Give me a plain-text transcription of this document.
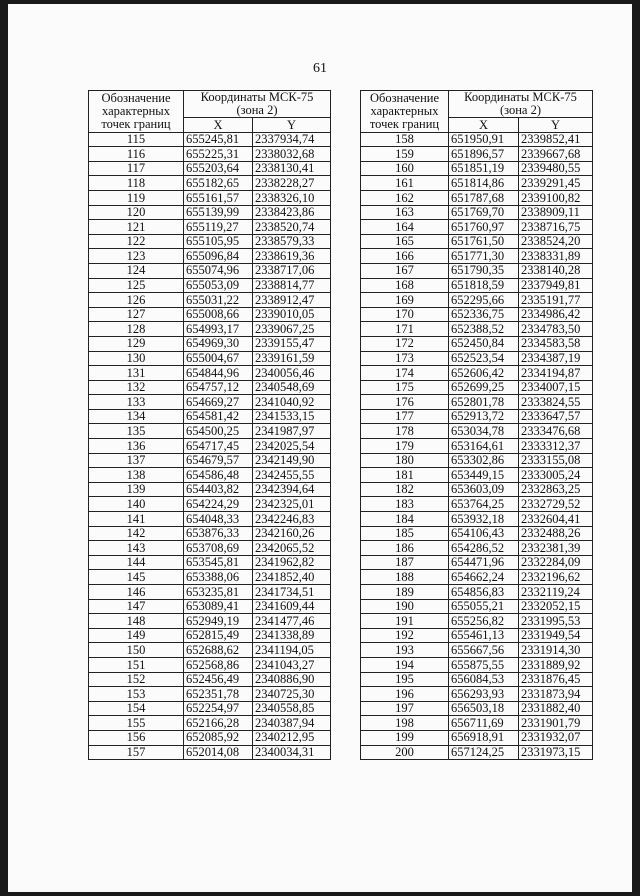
61
Обозначение характерных точек границ	Координаты МСК-75 (зона 2)	
	X	Y
115	655245,81	2337934,74
116	655225,31	2338032,68
117	655203,64	2338130,41
118	655182,65	2338228,27
119	655161,57	2338326,10
120	655139,99	2338423,86
121	655119,27	2338520,74
122	655105,95	2338579,33
123	655096,84	2338619,36
124	655074,96	2338717,06
125	655053,09	2338814,77
126	655031,22	2338912,47
127	655008,66	2339010,05
128	654993,17	2339067,25
129	654969,30	2339155,47
130	655004,67	2339161,59
131	654844,96	2340056,46
132	654757,12	2340548,69
133	654669,27	2341040,92
134	654581,42	2341533,15
135	654500,25	2341987,97
136	654717,45	2342025,54
137	654679,57	2342149,90
138	654586,48	2342455,55
139	654403,82	2342394,64
140	654224,29	2342325,01
141	654048,33	2342246,83
142	653876,33	2342160,26
143	653708,69	2342065,52
144	653545,81	2341962,82
145	653388,06	2341852,40
146	653235,81	2341734,51
147	653089,41	2341609,44
148	652949,19	2341477,46
149	652815,49	2341338,89
150	652688,62	2341194,05
151	652568,86	2341043,27
152	652456,49	2340886,90
153	652351,78	2340725,30
154	652254,97	2340558,85
155	652166,28	2340387,94
156	652085,92	2340212,95
157	652014,08	2340034,31
Обозначение характерных точек границ	Координаты МСК-75 (зона 2)	
	X	Y
158	651950,91	2339852,41
159	651896,57	2339667,68
160	651851,19	2339480,55
161	651814,86	2339291,45
162	651787,68	2339100,82
163	651769,70	2338909,11
164	651760,97	2338716,75
165	651761,50	2338524,20
166	651771,30	2338331,89
167	651790,35	2338140,28
168	651818,59	2337949,81
169	652295,66	2335191,77
170	652336,75	2334986,42
171	652388,52	2334783,50
172	652450,84	2334583,58
173	652523,54	2334387,19
174	652606,42	2334194,87
175	652699,25	2334007,15
176	652801,78	2333824,55
177	652913,72	2333647,57
178	653034,78	2333476,68
179	653164,61	2333312,37
180	653302,86	2333155,08
181	653449,15	2333005,24
182	653603,09	2332863,25
183	653764,25	2332729,52
184	653932,18	2332604,41
185	654106,43	2332488,26
186	654286,52	2332381,39
187	654471,96	2332284,09
188	654662,24	2332196,62
189	654856,83	2332119,24
190	655055,21	2332052,15
191	655256,82	2331995,53
192	655461,13	2331949,54
193	655667,56	2331914,30
194	655875,55	2331889,92
195	656084,53	2331876,45
196	656293,93	2331873,94
197	656503,18	2331882,40
198	656711,69	2331901,79
199	656918,91	2331932,07
200	657124,25	2331973,15
